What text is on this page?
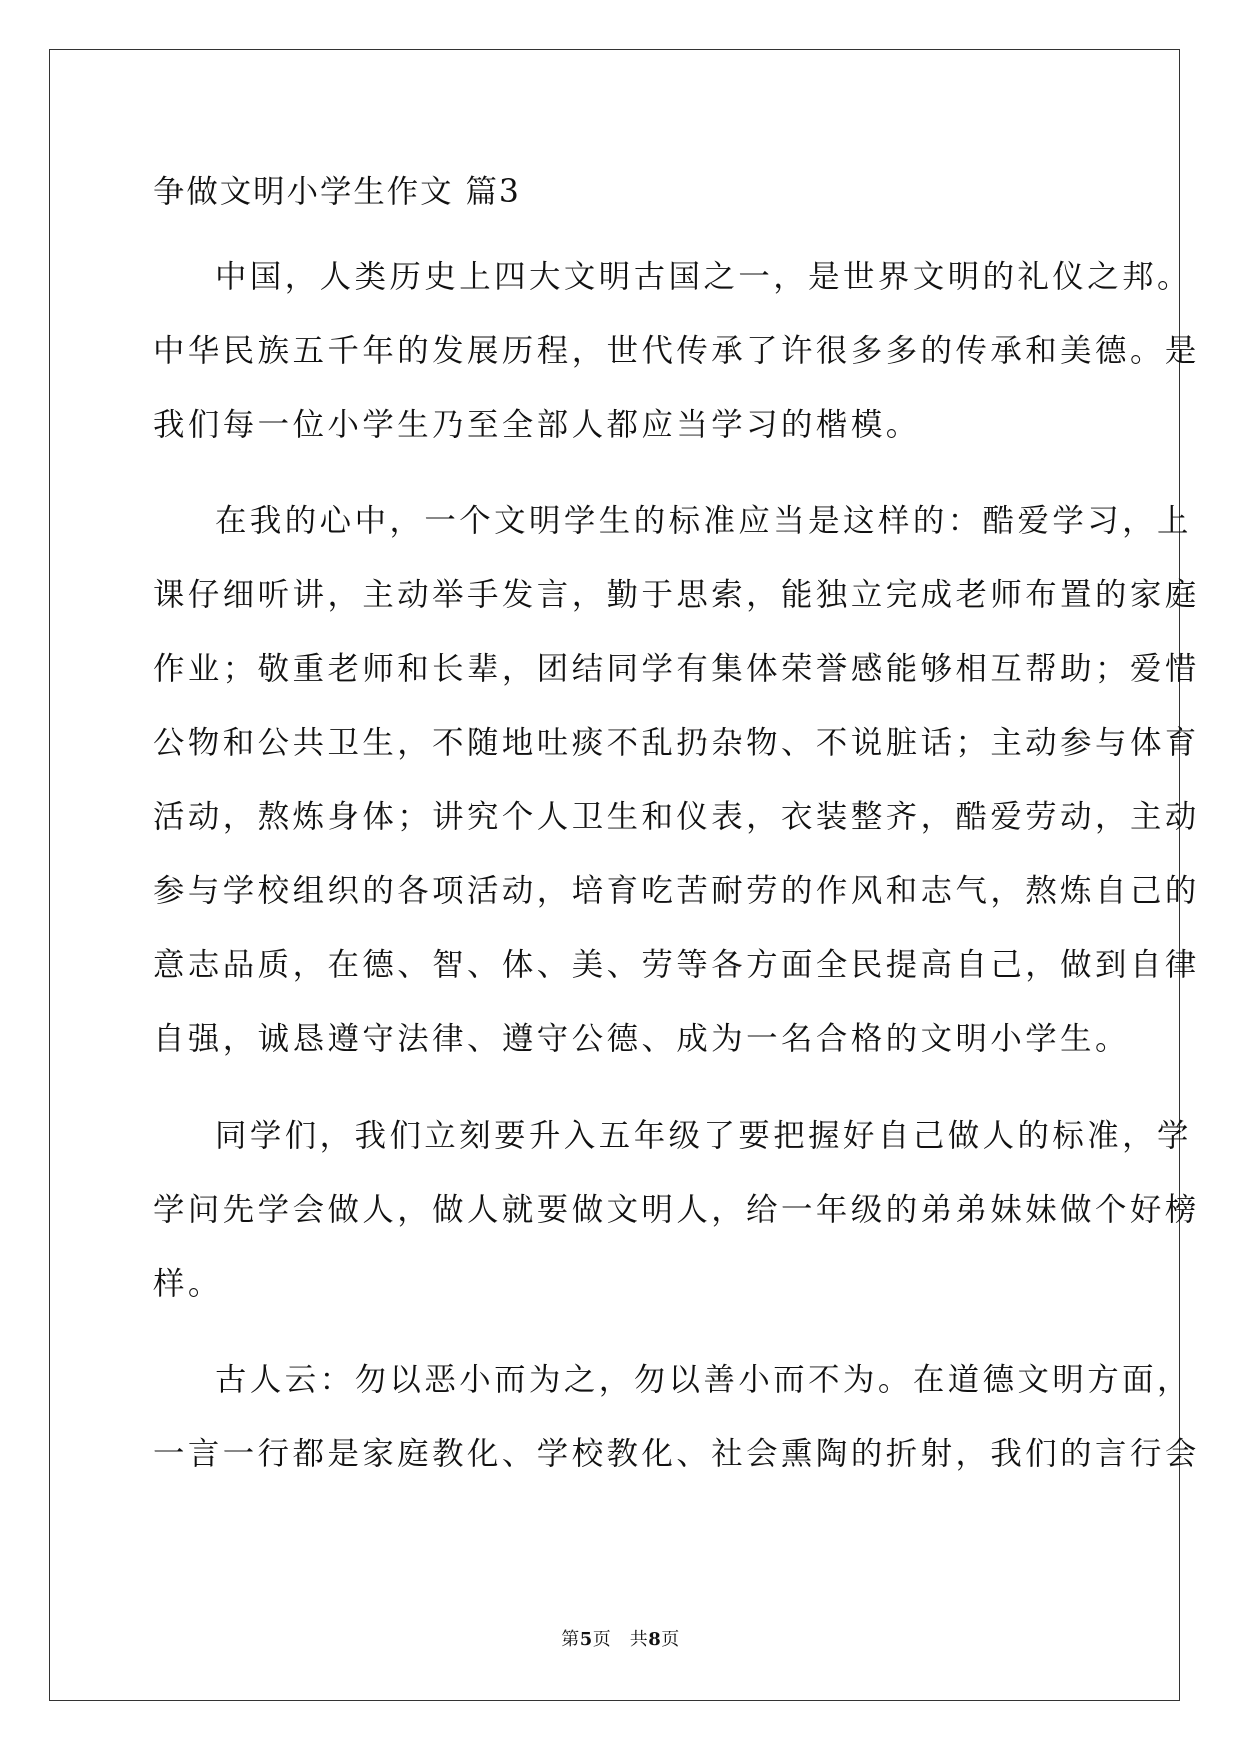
争做文明小学生作文 篇3
中国，人类历史上四大文明古国之一，是世界文明的礼仪之邦。
中华民族五千年的发展历程，世代传承了许很多多的传承和美德。是
我们每一位小学生乃至全部人都应当学习的楷模。
在我的心中，一个文明学生的标准应当是这样的：酷爱学习，上
课仔细听讲，主动举手发言，勤于思索，能独立完成老师布置的家庭
作业；敬重老师和长辈，团结同学有集体荣誉感能够相互帮助；爱惜
公物和公共卫生，不随地吐痰不乱扔杂物、不说脏话；主动参与体育
活动，熬炼身体；讲究个人卫生和仪表，衣装整齐，酷爱劳动，主动
参与学校组织的各项活动，培育吃苦耐劳的作风和志气，熬炼自己的
意志品质，在德、智、体、美、劳等各方面全民提高自己，做到自律
自强，诚恳遵守法律、遵守公德、成为一名合格的文明小学生。
同学们，我们立刻要升入五年级了要把握好自己做人的标准，学
学问先学会做人，做人就要做文明人，给一年级的弟弟妹妹做个好榜
样。
古人云：勿以恶小而为之，勿以善小而不为。在道德文明方面，
一言一行都是家庭教化、学校教化、社会熏陶的折射，我们的言行会
第5页　共8页
